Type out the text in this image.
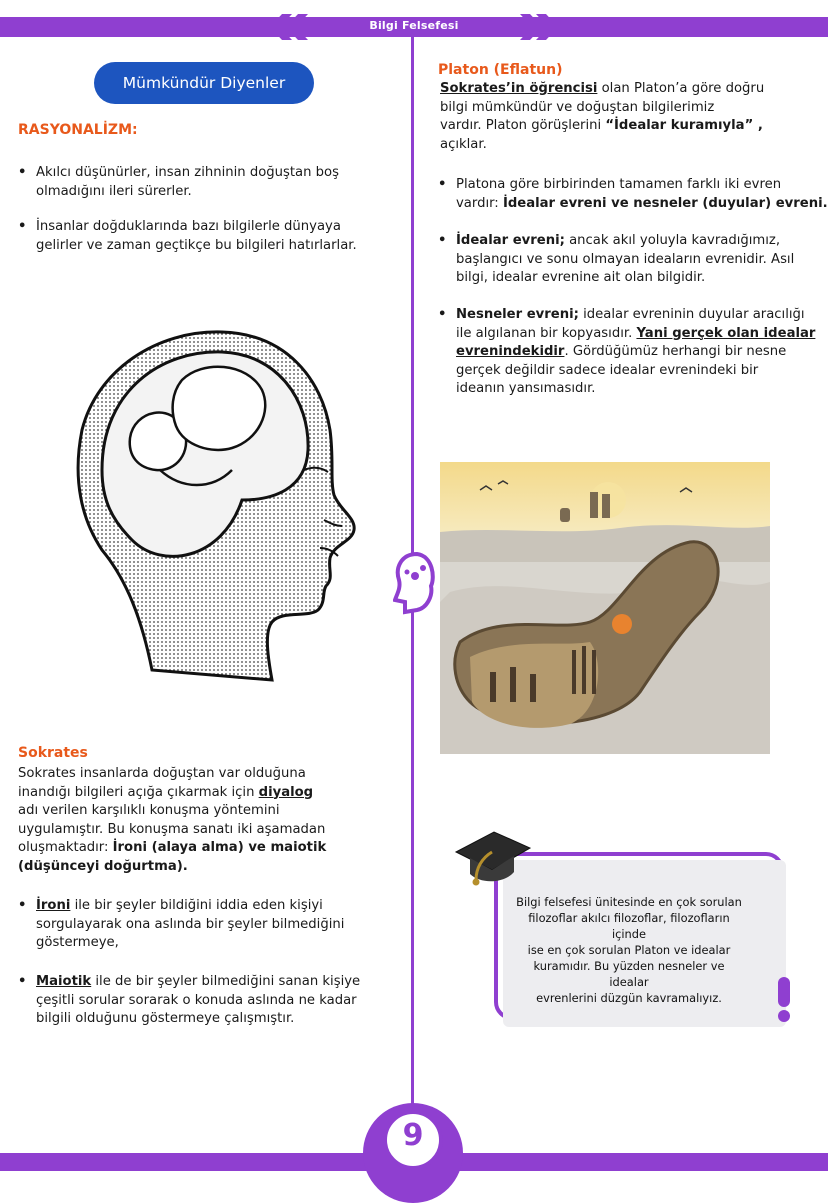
Bilgi Felsefesi
Mümkündür Diyenler
RASYONALİZM:
• Akılcı düşünürler, insan zihninin doğuştan boş
olmadığını ileri sürerler.
• İnsanlar doğduklarında bazı bilgilerle dünyaya
gelirler ve zaman geçtikçe bu bilgileri hatırlarlar.
Sokrates
Sokrates insanlarda doğuştan var olduğuna
inandığı bilgileri açığa çıkarmak için diyalog
adı verilen karşılıklı konuşma yöntemini
uygulamıştır. Bu konuşma sanatı iki aşamadan
oluşmaktadır: İroni (alaya alma) ve maiotik
(düşünceyi doğurtma).
• İroni ile bir şeyler bildiğini iddia eden kişiyi
sorgulayarak ona aslında bir şeyler bilmediğini
göstermeye,
• Maiotik ile de bir şeyler bilmediğini sanan kişiye
çeşitli sorular sorarak o konuda aslında ne kadar
bilgili olduğunu göstermeye çalışmıştır.
Platon (Eflatun)
Sokrates’in öğrencisi olan Platon’a göre doğru
bilgi mümkündür ve doğuştan bilgilerimiz
vardır. Platon görüşlerini “İdealar kuramıyla” ,
açıklar.
• Platona göre birbirinden tamamen farklı iki evren
vardır: İdealar evreni ve nesneler (duyular) evreni.
• İdealar evreni; ancak akıl yoluyla kavradığımız,
başlangıcı ve sonu olmayan ideaların evrenidir. Asıl
bilgi, idealar evrenine ait olan bilgidir.
• Nesneler evreni; idealar evreninin duyular aracılığı
ile algılanan bir kopyasıdır. Yani gerçek olan idealar
evrenindekidir. Gördüğümüz herhangi bir nesne
gerçek değildir sadece idealar evrenindeki bir
ideanın yansımasıdır.
Bilgi felsefesi ünitesinde en çok sorulan
filozoflar akılcı filozoflar, filozofların içinde
ise en çok sorulan Platon ve idealar
kuramıdır. Bu yüzden nesneler ve idealar
evrenlerini düzgün kavramalıyız.
9
